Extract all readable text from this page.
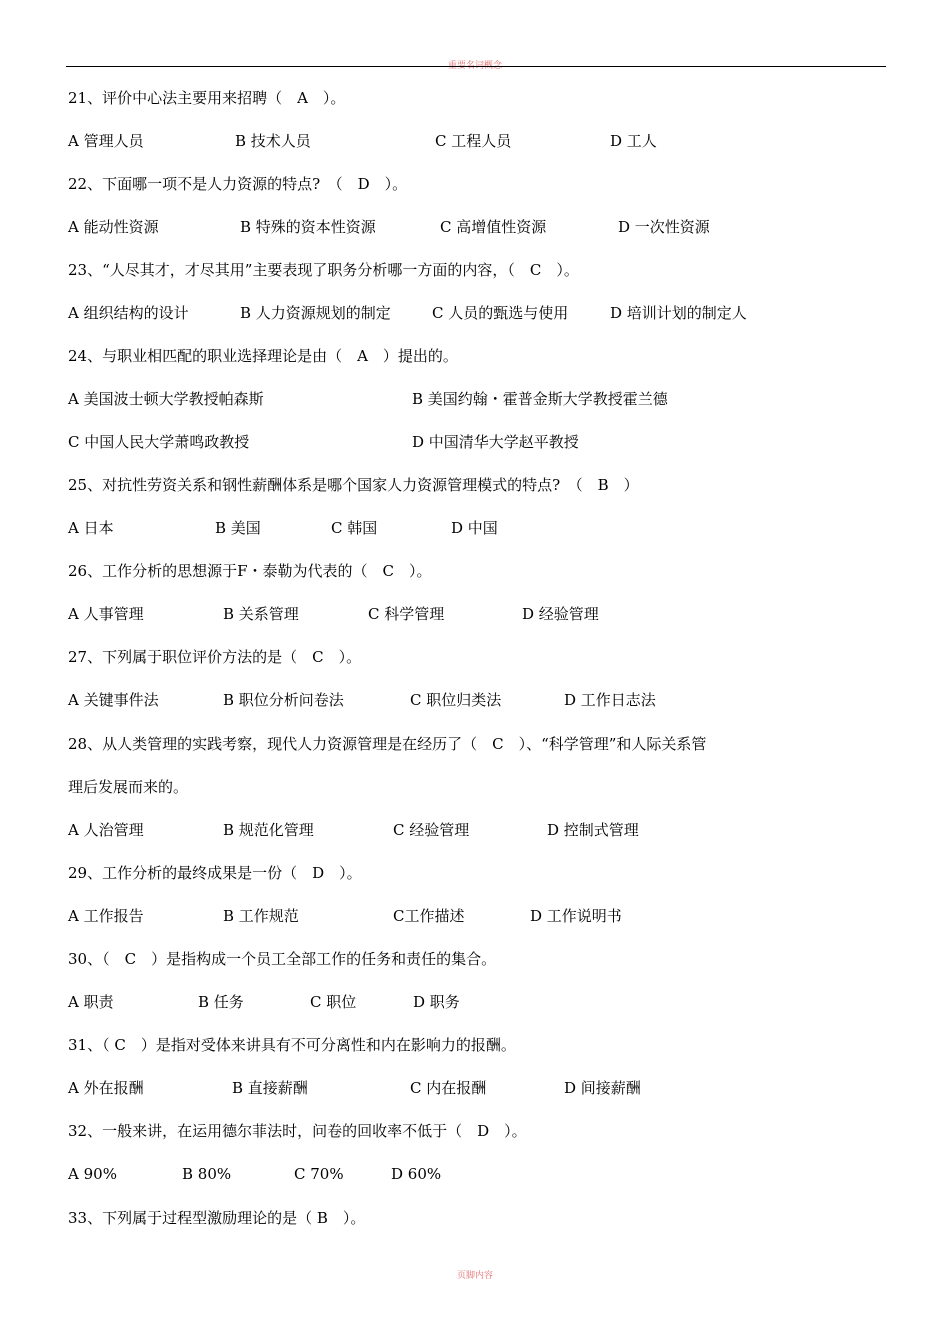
重要名词概念
21、评价中心法主要用来招聘（　A　）。
A 管理人员	B 技术人员	C 工程人员	D 工人
22、下面哪一项不是人力资源的特点?　（　D　）。
A 能动性资源	B 特殊的资本性资源	C 高增值性资源	D 一次性资源
23、“人尽其才，才尽其用”主要表现了职务分析哪一方面的内容，（　C　）。
A 组织结构的设计	B 人力资源规划的制定	C 人员的甄选与使用	D 培训计划的制定人
24、与职业相匹配的职业选择理论是由（　A　）提出的。
A 美国波士顿大学教授帕森斯	B 美国约翰・霍普金斯大学教授霍兰德
C 中国人民大学萧鸣政教授	D 中国清华大学赵平教授
25、对抗性劳资关系和钢性薪酬体系是哪个国家人力资源管理模式的特点?　（　B　）
A 日本	B 美国	C 韩国	D 中国
26、工作分析的思想源于F・泰勒为代表的（　C　）。
A 人事管理	B 关系管理	C 科学管理	D 经验管理
27、下列属于职位评价方法的是（　C　）。
A 关键事件法	B 职位分析问卷法	C 职位归类法	D 工作日志法
28、从人类管理的实践考察，现代人力资源管理是在经历了（　C　）、“科学管理”和人际关系管
理后发展而来的。
A 人治管理	B 规范化管理	C 经验管理	D 控制式管理
29、工作分析的最终成果是一份（　D　）。
A 工作报告	B 工作规范	C工作描述	D 工作说明书
30、（　C　）是指构成一个员工全部工作的任务和责任的集合。
A 职责	B 任务	C 职位	D 职务
31、（ C　）是指对受体来讲具有不可分离性和内在影响力的报酬。
A 外在报酬	B 直接薪酬	C 内在报酬	D 间接薪酬
32、一般来讲，在运用德尔菲法时，问卷的回收率不低于（　D　）。
A 90%	B 80%	C 70%	D 60%
33、下列属于过程型激励理论的是（ B　）。
页脚内容
